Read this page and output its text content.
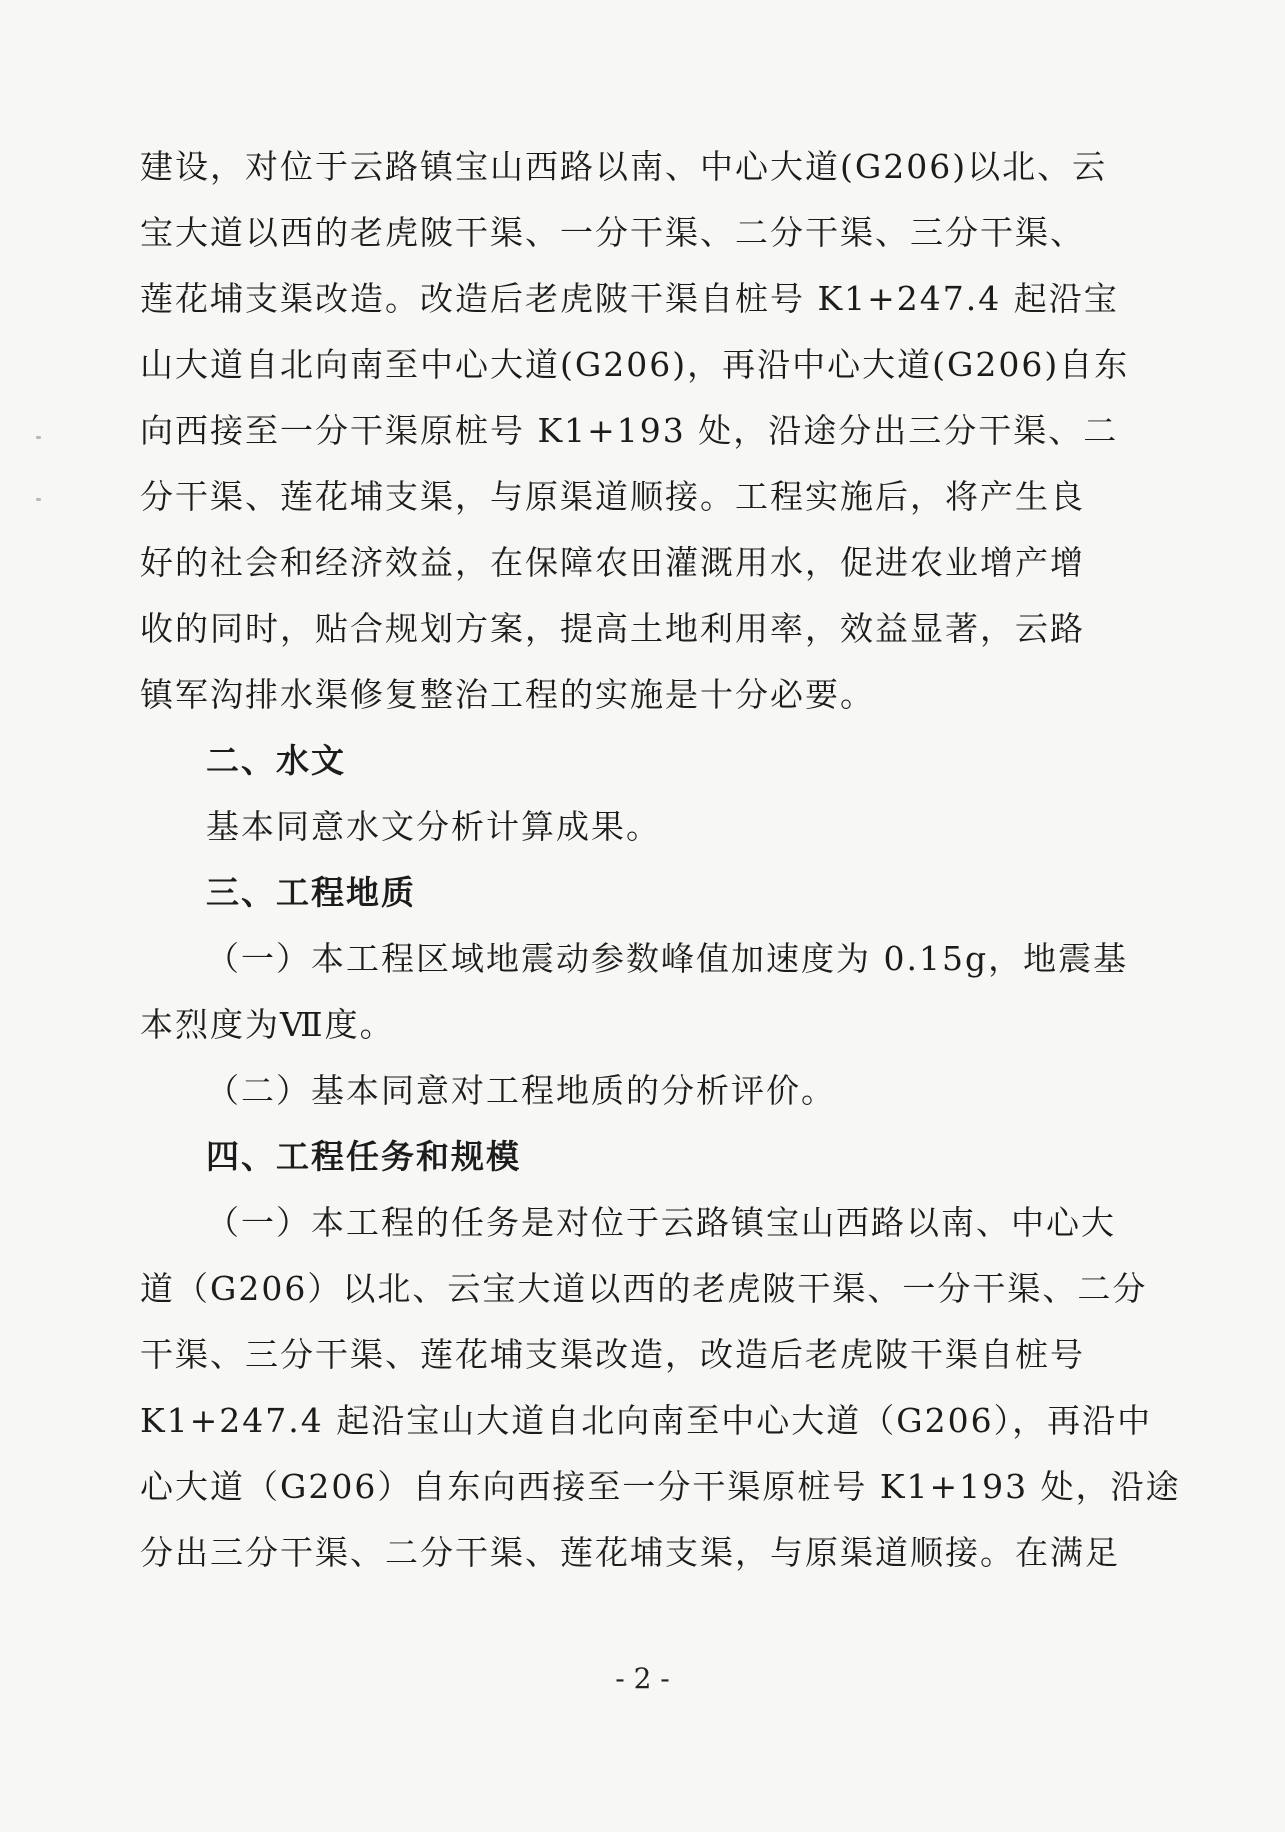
建设，对位于云路镇宝山西路以南、中心大道(G206)以北、云
宝大道以西的老虎陂干渠、一分干渠、二分干渠、三分干渠、
莲花埔支渠改造。改造后老虎陂干渠自桩号 K1+247.4 起沿宝
山大道自北向南至中心大道(G206)，再沿中心大道(G206)自东
向西接至一分干渠原桩号 K1+193 处，沿途分出三分干渠、二
分干渠、莲花埔支渠，与原渠道顺接。工程实施后，将产生良
好的社会和经济效益，在保障农田灌溉用水，促进农业增产增
收的同时，贴合规划方案，提高土地利用率，效益显著，云路
镇军沟排水渠修复整治工程的实施是十分必要。
二、水文
基本同意水文分析计算成果。
三、工程地质
（一）本工程区域地震动参数峰值加速度为 0.15g，地震基
本烈度为Ⅶ度。
（二）基本同意对工程地质的分析评价。
四、工程任务和规模
（一）本工程的任务是对位于云路镇宝山西路以南、中心大
道（G206）以北、云宝大道以西的老虎陂干渠、一分干渠、二分
干渠、三分干渠、莲花埔支渠改造，改造后老虎陂干渠自桩号
K1+247.4 起沿宝山大道自北向南至中心大道（G206），再沿中
心大道（G206）自东向西接至一分干渠原桩号 K1+193 处，沿途
分出三分干渠、二分干渠、莲花埔支渠，与原渠道顺接。在满足
- 2 -
